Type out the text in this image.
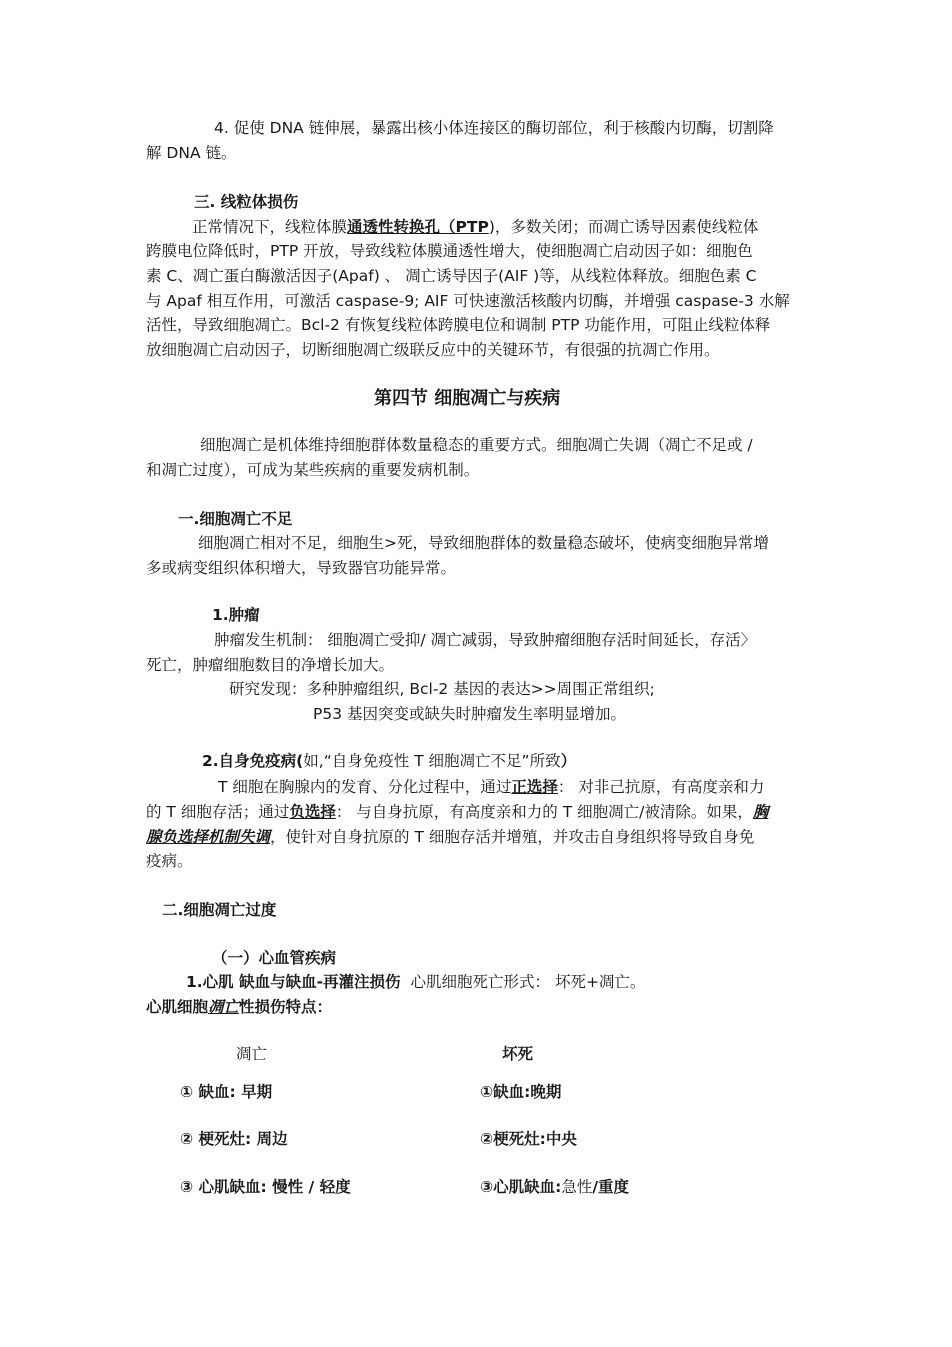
4. 促使 DNA 链伸展，暴露出核小体连接区的酶切部位，利于核酸内切酶，切割降
解 DNA 链。
三. 线粒体损伤
正常情况下，线粒体膜通透性转换孔（PTP)，多数关闭；而凋亡诱导因素使线粒体
跨膜电位降低时，PTP 开放，导致线粒体膜通透性增大，使细胞凋亡启动因子如：细胞色
素 C、凋亡蛋白酶激活因子(Apaf) 、 凋亡诱导因子(AIF )等，从线粒体释放。细胞色素 C
与 Apaf 相互作用，可激活 caspase-9; AIF 可快速激活核酸内切酶，并增强 caspase-3 水解
活性，导致细胞凋亡。Bcl-2 有恢复线粒体跨膜电位和调制 PTP 功能作用，可阻止线粒体释
放细胞凋亡启动因子，切断细胞凋亡级联反应中的关键环节，有很强的抗凋亡作用。
第四节 细胞凋亡与疾病
细胞凋亡是机体维持细胞群体数量稳态的重要方式。细胞凋亡失调（凋亡不足或 /
和凋亡过度），可成为某些疾病的重要发病机制。
一.细胞凋亡不足
细胞凋亡相对不足，细胞生>死，导致细胞群体的数量稳态破坏，使病变细胞异常增
多或病变组织体积增大，导致器官功能异常。
1.肿瘤
肿瘤发生机制： 细胞凋亡受抑/ 凋亡减弱，导致肿瘤细胞存活时间延长，存活〉
死亡，肿瘤细胞数目的净增长加大。
研究发现：多种肿瘤组织, Bcl-2 基因的表达>>周围正常组织;
P53 基因突变或缺失时肿瘤发生率明显增加。
2.自身免疫病(如,“自身免疫性 T 细胞凋亡不足”所致）
T 细胞在胸腺内的发育、分化过程中，通过正选择： 对非己抗原，有高度亲和力
的 T 细胞存活；通过负选择： 与自身抗原，有高度亲和力的 T 细胞凋亡/被清除。如果，胸
腺负选择机制失调，使针对自身抗原的 T 细胞存活并增殖，并攻击自身组织将导致自身免
疫病。
二.细胞凋亡过度
（一）心血管疾病
1.心肌 缺血与缺血-再灌注损伤 心肌细胞死亡形式： 坏死+凋亡。
心肌细胞凋亡性损伤特点：
凋亡	坏死
① 缺血: 早期	①缺血:晚期
② 梗死灶: 周边	②梗死灶:中央
③ 心肌缺血: 慢性 / 轻度	③心肌缺血:急性/重度
